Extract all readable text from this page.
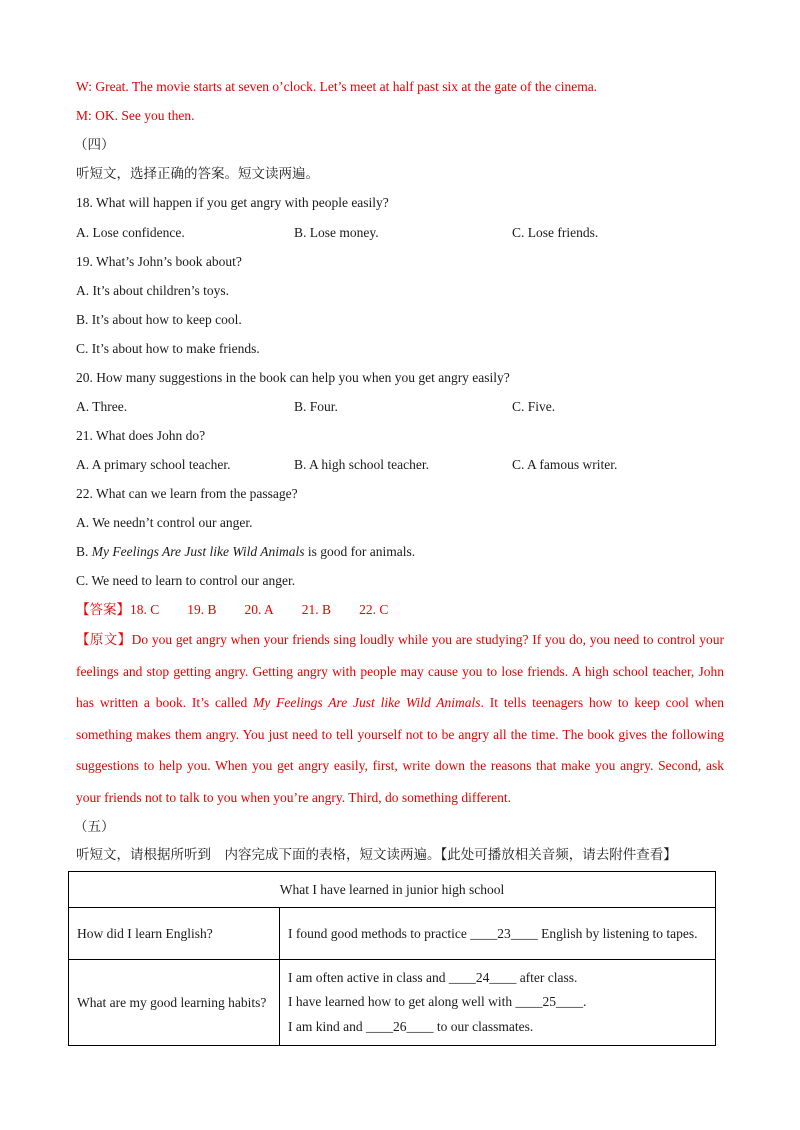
W: Great. The movie starts at seven o’clock. Let’s meet at half past six at the gate of the cinema.
M: OK. See you then.
（四）
听短文，选择正确的答案。短文读两遍。
18. What will happen if you get angry with people easily?
A. Lose confidence.	B. Lose money.	C. Lose friends.
19. What’s John’s book about?
A. It’s about children’s toys.
B. It’s about how to keep cool.
C. It’s about how to make friends.
20. How many suggestions in the book can help you when you get angry easily?
A. Three.	B. Four.	C. Five.
21. What does John do?
A. A primary school teacher.	B. A high school teacher.	C. A famous writer.
22. What can we learn from the passage?
A. We needn’t control our anger.
B. My Feelings Are Just like Wild Animals is good for animals.
C. We need to learn to control our anger.
【答案】18. C 19. B 20. A 21. B 22. C
【原文】Do you get angry when your friends sing loudly while you are studying? If you do, you need to control your feelings and stop getting angry. Getting angry with people may cause you to lose friends. A high school teacher, John has written a book. It’s called My Feelings Are Just like Wild Animals. It tells teenagers how to keep cool when something makes them angry. You just need to tell yourself not to be angry all the time. The book gives the following suggestions to help you. When you get angry easily, first, write down the reasons that make you angry. Second, ask your friends not to talk to you when you’re angry. Third, do something different.
（五）
听短文，请根据所听到　内容完成下面的表格，短文读两遍。【此处可播放相关音频，请去附件查看】
What I have learned in junior high school	
How did I learn English?	I found good methods to practice ____23____ English by listening to tapes.
What are my good learning habits?	I am often active in class and ____24____ after class.
I have learned how to get along well with ____25____.
I am kind and ____26____ to our classmates.
